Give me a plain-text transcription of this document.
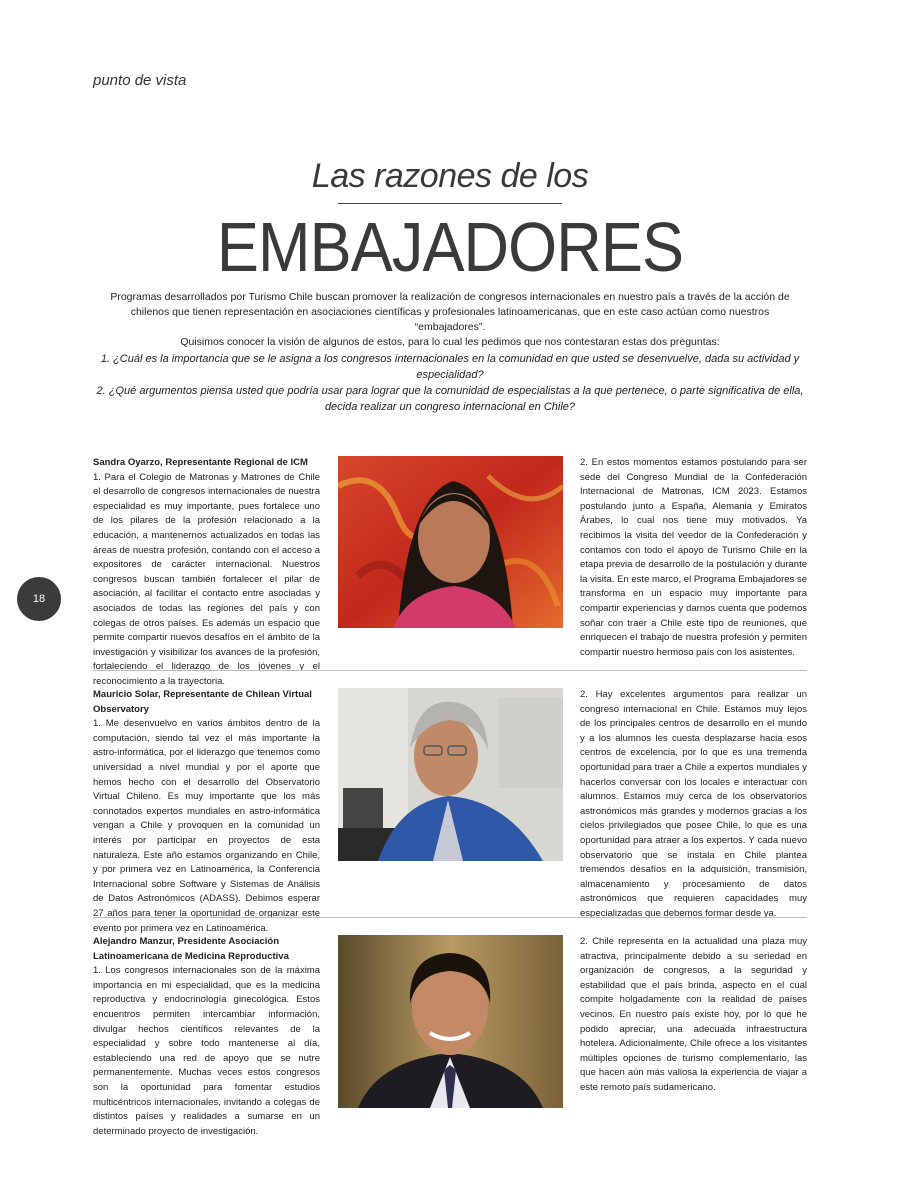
punto de vista
Las razones de los
EMBAJADORES

Programas desarrollados por Turismo Chile buscan promover la realización de congresos internacionales en nuestro país a través de la acción de chilenos que tienen representación en asociaciones científicas y profesionales latinoamericanas, que en este caso actúan como nuestros “embajadores”.

Quisimos conocer la visión de algunos de estos, para lo cual les pedimos que nos contestaran estas dos preguntas:

1. ¿Cuál es la importancia que se le asigna a los congresos internacionales en la comunidad en que usted se desenvuelve, dada su actividad y especialidad?

2. ¿Qué argumentos piensa usted que podría usar para lograr que la comunidad de especialistas a la que pertenece, o parte significativa de ella, decida realizar un congreso internacional en Chile?

18

Sandra Oyarzo, Representante Regional de ICM

1. Para el Colegio de Matronas y Matrones de Chile el desarrollo de congresos internacionales de nuestra especialidad es muy importante, pues fortalece uno de los pilares de la profesión relacionado a la educación, a mantenernos actualizados en todas las áreas de nuestra profesión, contando con el acceso a expositores de carácter internacional. Nuestros congresos buscan también fortalecer el pilar de asociación, al facilitar el contacto entre asociadas y asociados de todas las regiones del país y con colegas de otros países. Es además un espacio que permite compartir nuevos desafíos en el ámbito de la investigación y visibilizar los avances de la profesión, fortaleciendo el liderazgo de los jóvenes y el reconocimiento a la trayectoria.

2. En estos momentos estamos postulando para ser sede del Congreso Mundial de la Confederación Internacional de Matronas, ICM 2023. Estamos postulando junto a España, Alemania y Emiratos Árabes, lo cual nos tiene muy motivados. Ya recibimos la visita del veedor de la Confederación y contamos con todo el apoyo de Turismo Chile en la etapa previa de desarrollo de la postulación y durante la visita. En este marco, el Programa Embajadores se transforma en un espacio muy importante para compartir experiencias y darnos cuenta que podemos soñar con traer a Chile este tipo de reuniones, que enriquecen el trabajo de nuestra profesión y permiten compartir nuestro hermoso país con los asistentes.

Mauricio Solar, Representante de Chilean Virtual Observatory

1. Me desenvuelvo en varios ámbitos dentro de la computación, siendo tal vez el más importante la astro-informática, por el liderazgo que tenemos como universidad a nivel mundial y por el aporte que hemos hecho con el desarrollo del Observatorio Virtual Chileno. Es muy importante que los más connotados expertos mundiales en astro-informática vengan a Chile y provoquen en la comunidad un interés por participar en proyectos de esta naturaleza. Este año estamos organizando en Chile, y por primera vez en Latinoamérica, la Conferencia Internacional sobre Software y Sistemas de Análisis de Datos Astronómicos (ADASS). Debimos esperar 27 años para tener la oportunidad de organizar este evento por primera vez en Latinoamérica.

2. Hay excelentes argumentos para realizar un congreso internacional en Chile. Estamos muy lejos de los principales centros de desarrollo en el mundo y a los alumnos les cuesta desplazarse hacia esos centros de excelencia, por lo que es una tremenda oportunidad para traer a Chile a expertos mundiales y hacerlos conversar con los locales e interactuar con alumnos. Estamos muy cerca de los observatorios astronómicos más grandes y modernos gracias a los cielos privilegiados que posee Chile, lo que es una oportunidad para atraer a los expertos. Y cada nuevo observatorio que se instala en Chile plantea tremendos desafíos en la adquisición, transmisión, almacenamiento y procesamiento de datos astronómicos que requieren capacidades muy especializadas que debemos formar desde ya.

Alejandro Manzur, Presidente Asociación Latinoamericana de Medicina Reproductiva

1. Los congresos internacionales son de la máxima importancia en mi especialidad, que es la medicina reproductiva y endocrinología ginecológica. Estos encuentros permiten intercambiar información, divulgar hechos científicos relevantes de la especialidad y sobre todo mantenerse al día, estableciendo una red de apoyo que se nutre permanentemente. Muchas veces estos congresos son la oportunidad para fomentar estudios multicéntricos internacionales, invitando a colegas de distintos países y realidades a sumarse en un determinado proyecto de investigación.

2. Chile representa en la actualidad una plaza muy atractiva, principalmente debido a su seriedad en organización de congresos, a la seguridad y estabilidad que el país brinda, aspecto en el cual compite holgadamente con la realidad de países vecinos. En nuestro país existe hoy, por lo que he podido apreciar, una adecuada infraestructura hotelera. Adicionalmente, Chile ofrece a los visitantes múltiples opciones de turismo complementario, las que hacen aún más valiosa la experiencia de viajar a este remoto país sudamericano.
